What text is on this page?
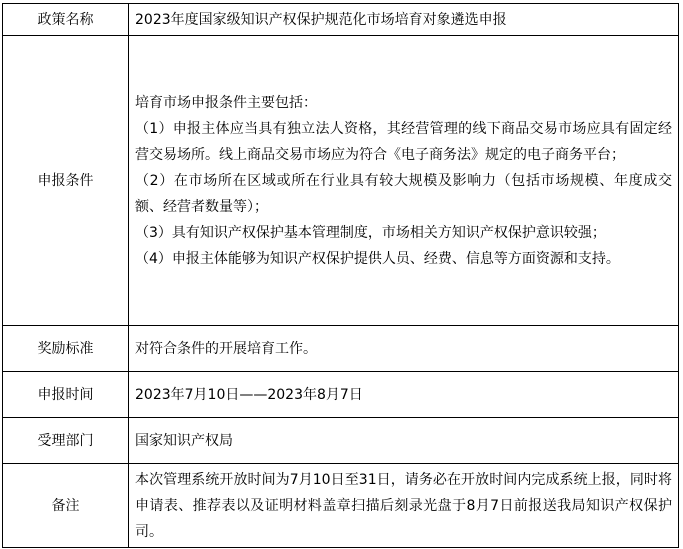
政策名称	2023年度国家级知识产权保护规范化市场培育对象遴选申报
申报条件	培育市场申报条件主要包括：
（1）申报主体应当具有独立法人资格，其经营管理的线下商品交易市场应具有固定经营交易场所。线上商品交易市场应为符合《电子商务法》规定的电子商务平台；
（2）在市场所在区域或所在行业具有较大规模及影响力（包括市场规模、年度成交额、经营者数量等）；
（3）具有知识产权保护基本管理制度，市场相关方知识产权保护意识较强；
（4）申报主体能够为知识产权保护提供人员、经费、信息等方面资源和支持。

奖励标准	对符合条件的开展培育工作。
申报时间	2023年7月10日——2023年8月7日
受理部门	国家知识产权局
备注	本次管理系统开放时间为7月10日至31日，请务必在开放时间内完成系统上报，同时将申请表、推荐表以及证明材料盖章扫描后刻录光盘于8月7日前报送我局知识产权保护司。
